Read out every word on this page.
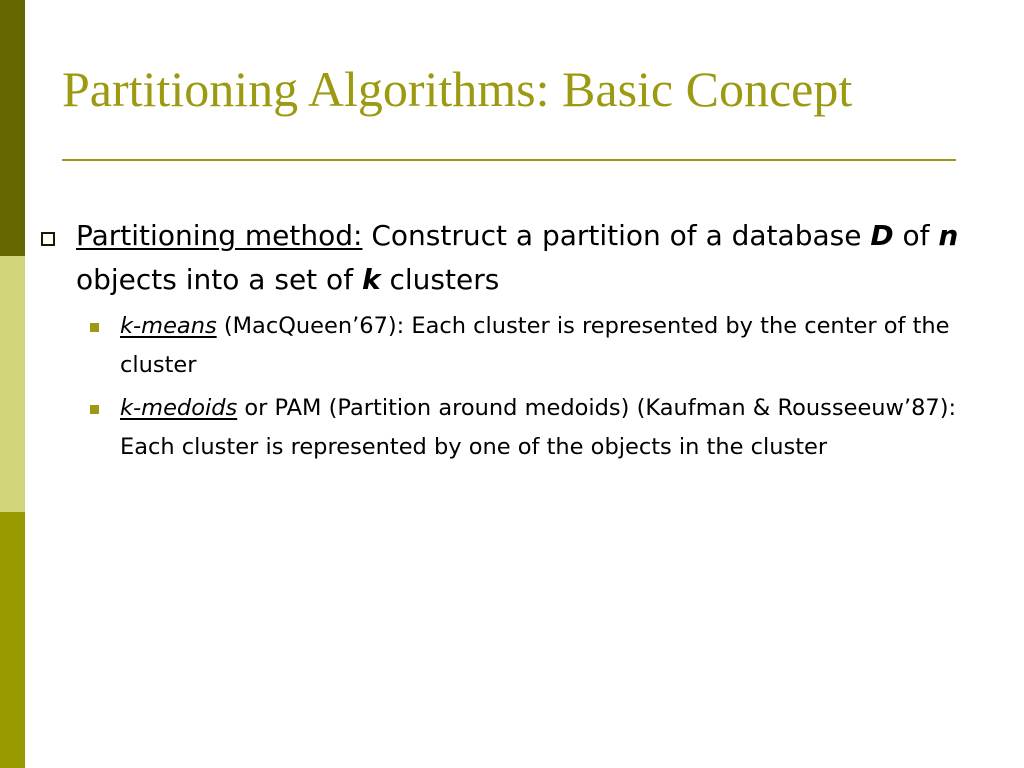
Partitioning Algorithms: Basic Concept

Partitioning method: Construct a partition of a database D of n objects into a set of k clusters

k-means (MacQueen’67): Each cluster is represented by the center of the cluster

k-medoids or PAM (Partition around medoids) (Kaufman & Rousseeuw’87): Each cluster is represented by one of the objects in the cluster
